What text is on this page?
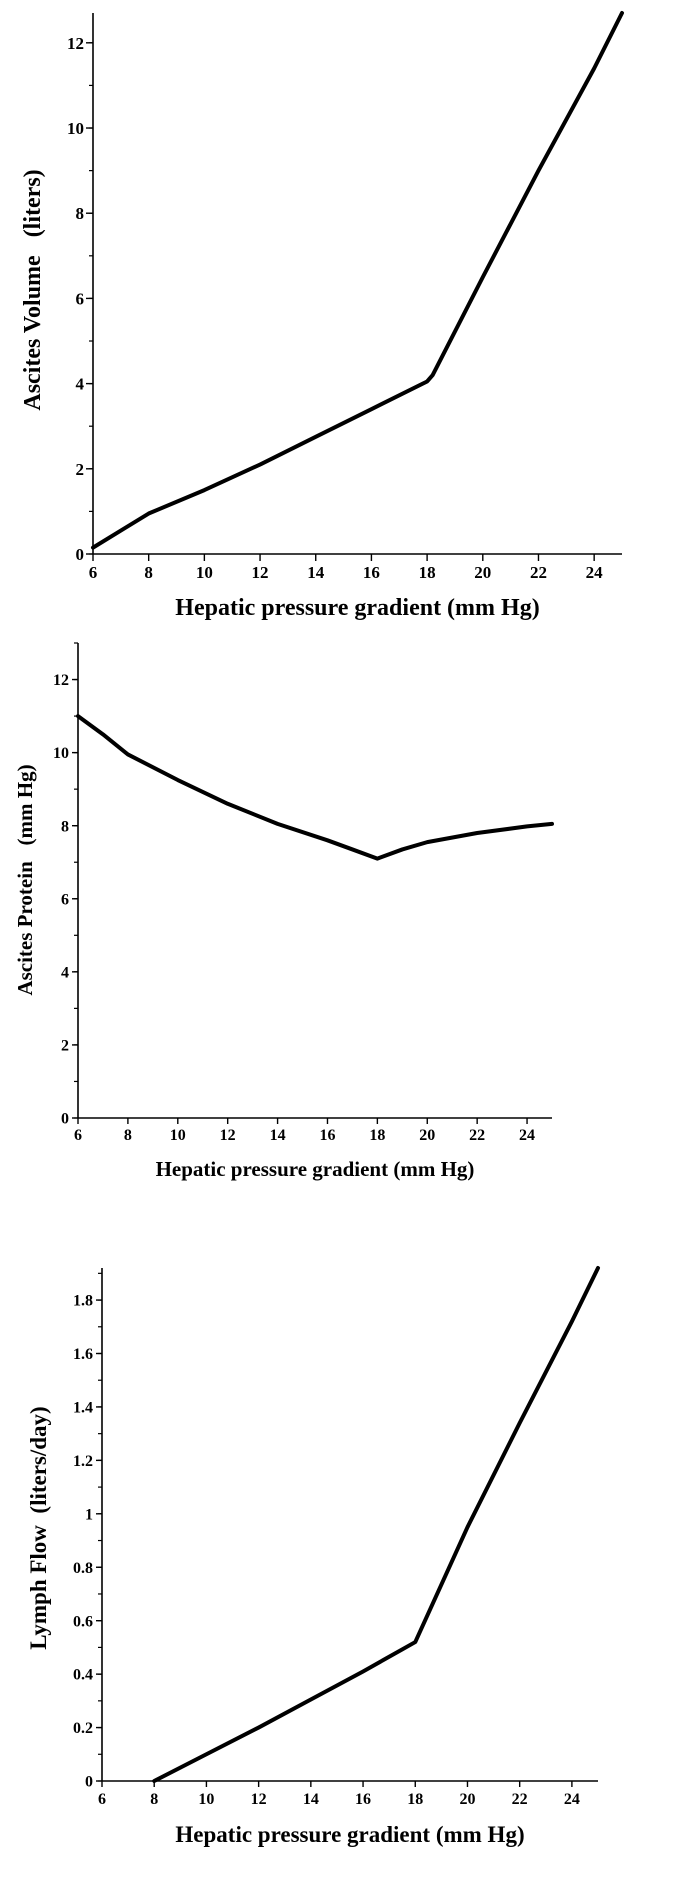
6	8	10 12 14 16 18 20 22 24
0
2
4
6
8
10
12
Hepatic pressure gradient (mm Hg)
Ascites Volume   (liters)
6	8 10 12 14 16 18 20 22 24
0
2
4
6
8
10
12
Hepatic pressure gradient (mm Hg)
Ascites Protein   (mm Hg)
6	8	10 12 14 16 18 20 22 24
0
0.2
0.4
0.6
0.8
1
1.2
1.4
1.6
1.8
Hepatic pressure gradient (mm Hg)
Lymph Flow  (liters/day)
